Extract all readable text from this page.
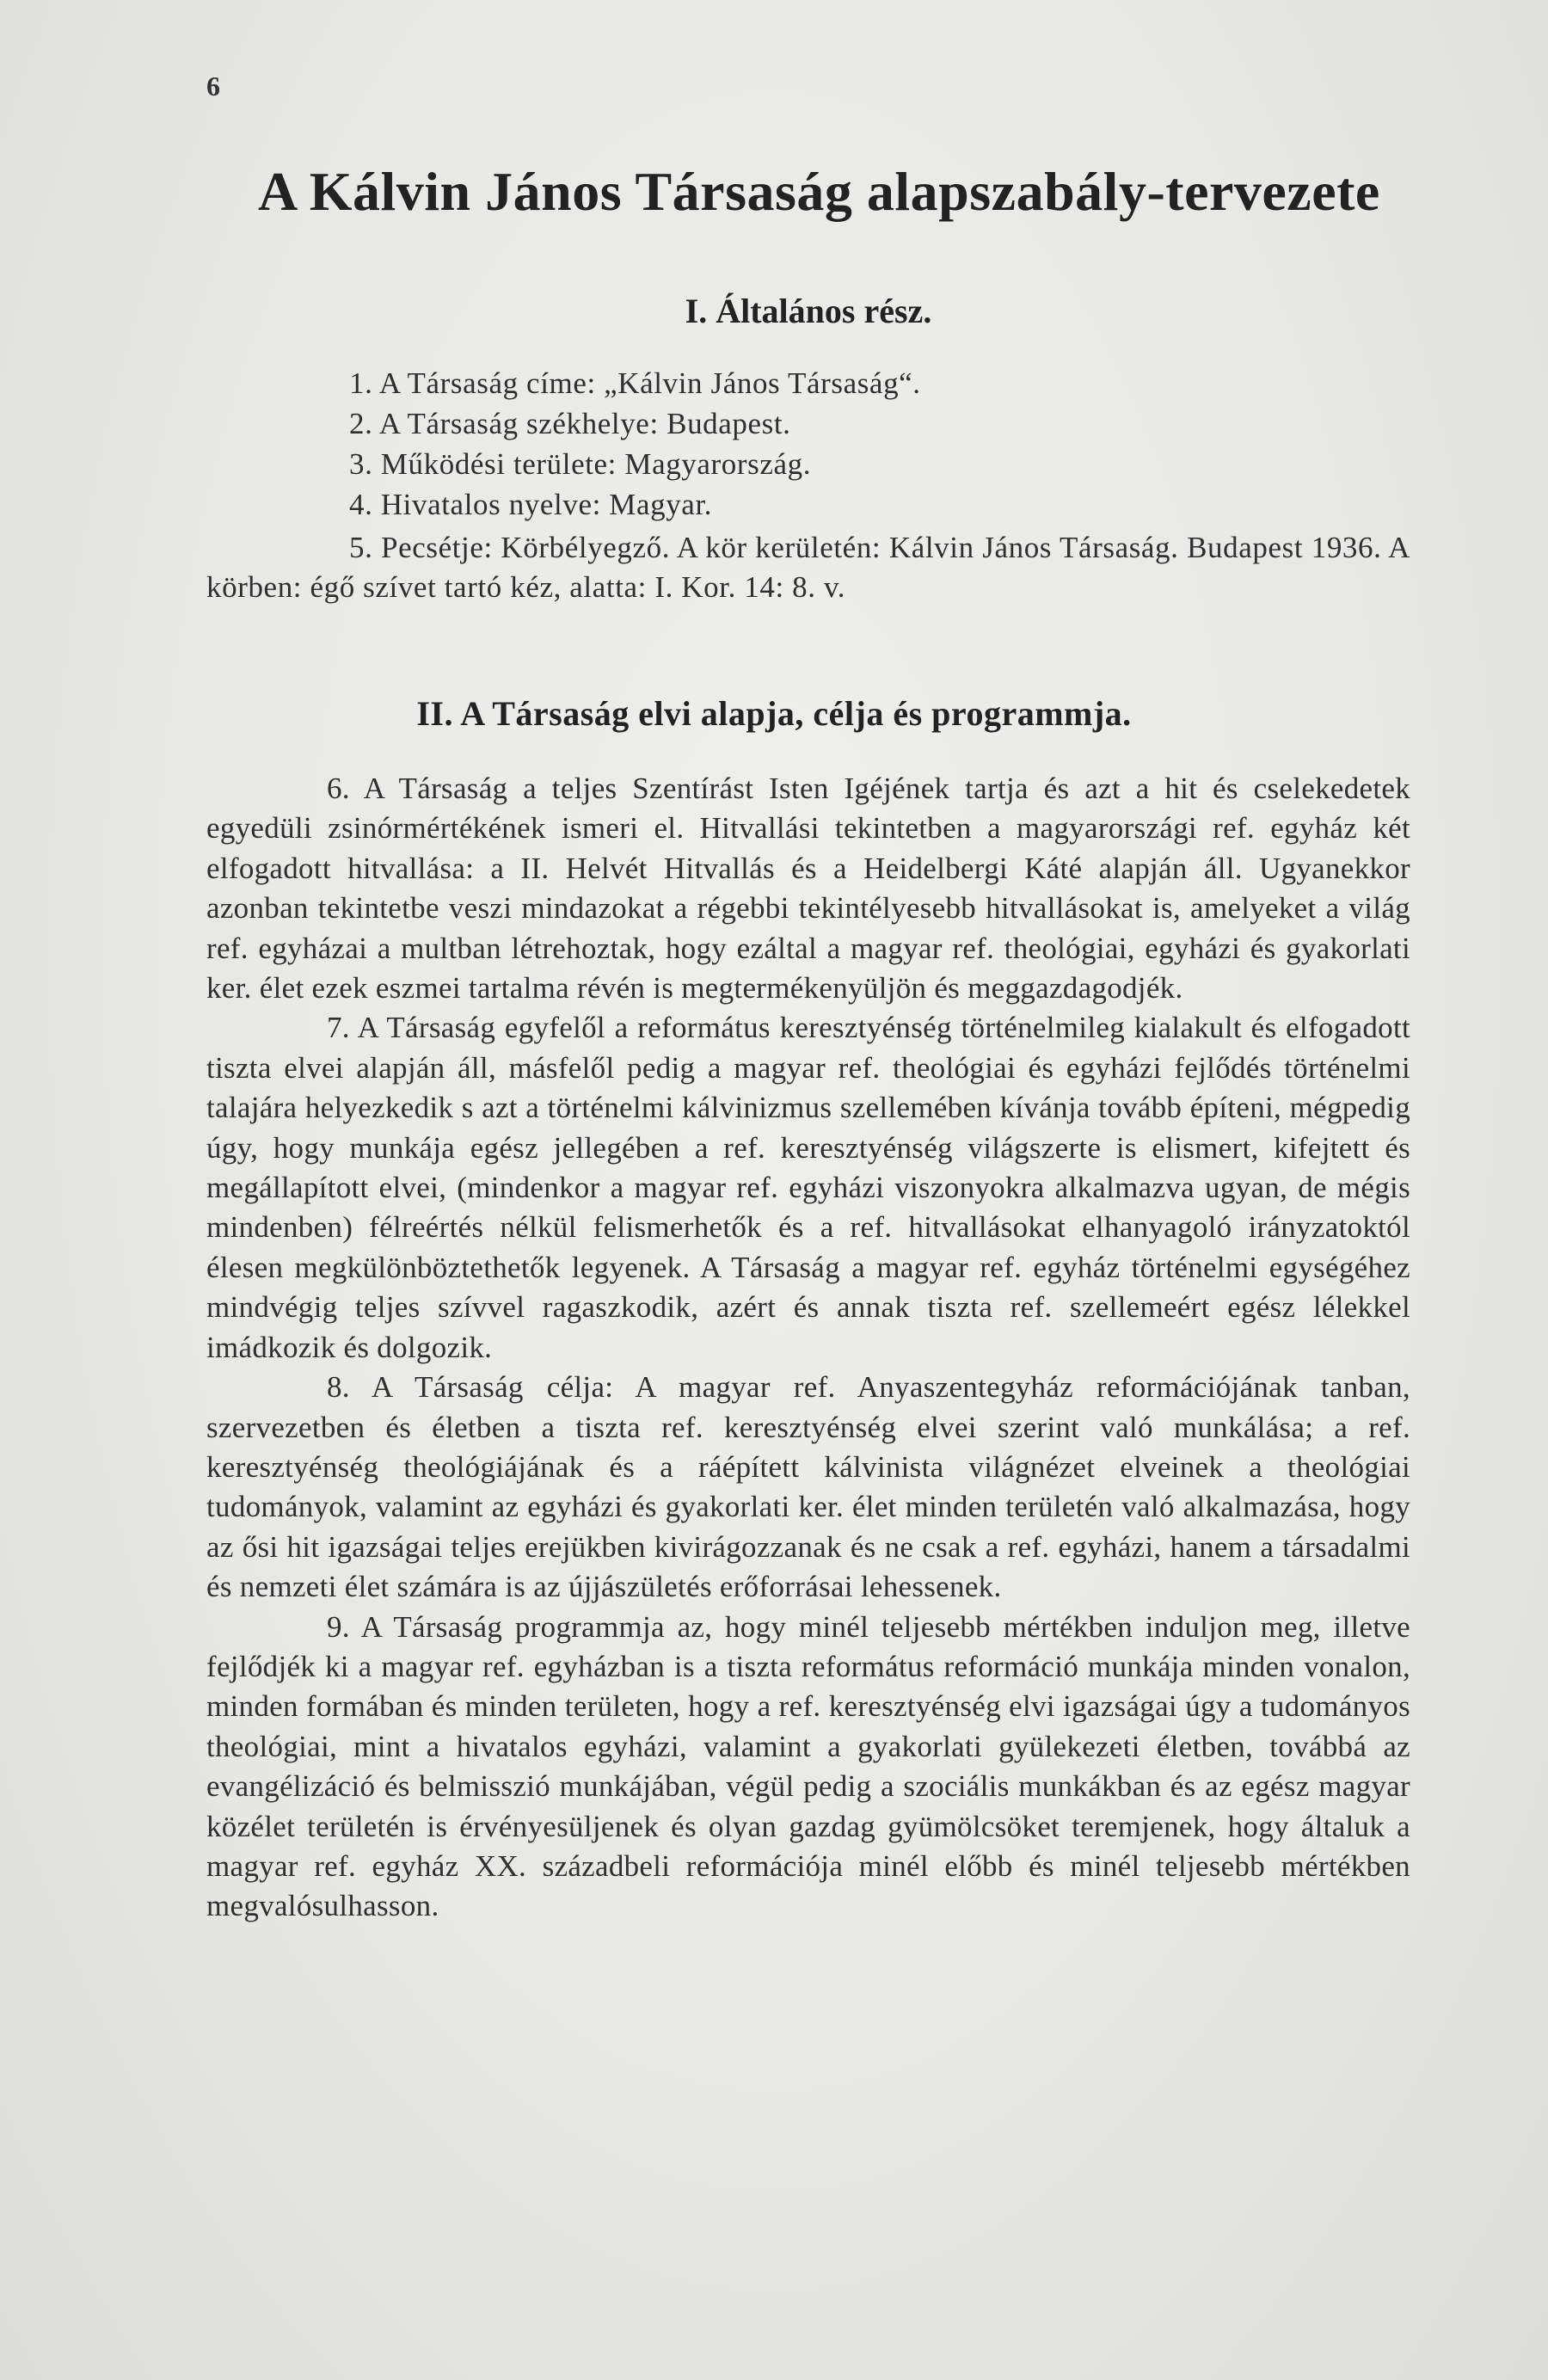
6
A Kálvin János Társaság alapszabály-tervezete
I. Általános rész.
1. A Társaság címe: „Kálvin János Társaság“.
2. A Társaság székhelye: Budapest.
3. Működési területe: Magyarország.
4. Hivatalos nyelve: Magyar.
5. Pecsétje: Körbélyegző. A kör kerületén: Kálvin János Társaság. Budapest 1936. A körben: égő szívet tartó kéz, alatta: I. Kor. 14: 8. v.
II. A Társaság elvi alapja, célja és programmja.

6. A Társaság a teljes Szentírást Isten Igéjének tartja és azt a hit és cselekedetek egyedüli zsinórmértékének ismeri el. Hitvallási tekintetben a magyarországi ref. egyház két elfogadott hitvallása: a II. Helvét Hitvallás és a Heidelbergi Káté alapján áll. Ugyanekkor azonban tekintetbe veszi mindazokat a régebbi tekintélyesebb hitvallásokat is, amelyeket a világ ref. egyházai a multban létrehoztak, hogy ezáltal a magyar ref. theológiai, egyházi és gyakorlati ker. élet ezek eszmei tartalma révén is megtermékenyüljön és meggazdagodjék.

7. A Társaság egyfelől a református keresztyénség történelmileg kialakult és elfogadott tiszta elvei alapján áll, másfelől pedig a magyar ref. theológiai és egyházi fejlődés történelmi talajára helyezkedik s azt a történelmi kálvinizmus szellemében kívánja tovább építeni, mégpedig úgy, hogy munkája egész jellegében a ref. keresztyénség világszerte is elismert, kifejtett és megállapított elvei, (mindenkor a magyar ref. egyházi viszonyokra alkalmazva ugyan, de mégis mindenben) félreértés nélkül felismerhetők és a ref. hitvallásokat elhanyagoló irányzatoktól élesen megkülönböztethetők legyenek. A Társaság a magyar ref. egyház történelmi egységéhez mindvégig teljes szívvel ragaszkodik, azért és annak tiszta ref. szellemeért egész lélekkel imádkozik és dolgozik.

8. A Társaság célja: A magyar ref. Anyaszentegyház reformációjának tanban, szervezetben és életben a tiszta ref. keresztyénség elvei szerint való munkálása; a ref. keresztyénség theológiájának és a ráépített kálvinista világnézet elveinek a theológiai tudományok, valamint az egyházi és gyakorlati ker. élet minden területén való alkalmazása, hogy az ősi hit igazságai teljes erejükben kivirágozzanak és ne csak a ref. egyházi, hanem a társadalmi és nemzeti élet számára is az újjászületés erőforrásai lehessenek.

9. A Társaság programmja az, hogy minél teljesebb mértékben induljon meg, illetve fejlődjék ki a magyar ref. egyházban is a tiszta református reformáció munkája minden vonalon, minden formában és minden területen, hogy a ref. keresztyénség elvi igazságai úgy a tudományos theológiai, mint a hivatalos egyházi, valamint a gyakorlati gyülekezeti életben, továbbá az evangélizáció és belmisszió munkájában, végül pedig a szociális munkákban és az egész magyar közélet területén is érvényesüljenek és olyan gazdag gyümölcsöket teremjenek, hogy általuk a magyar ref. egyház XX. századbeli reformációja minél előbb és minél teljesebb mértékben megvalósulhasson.
